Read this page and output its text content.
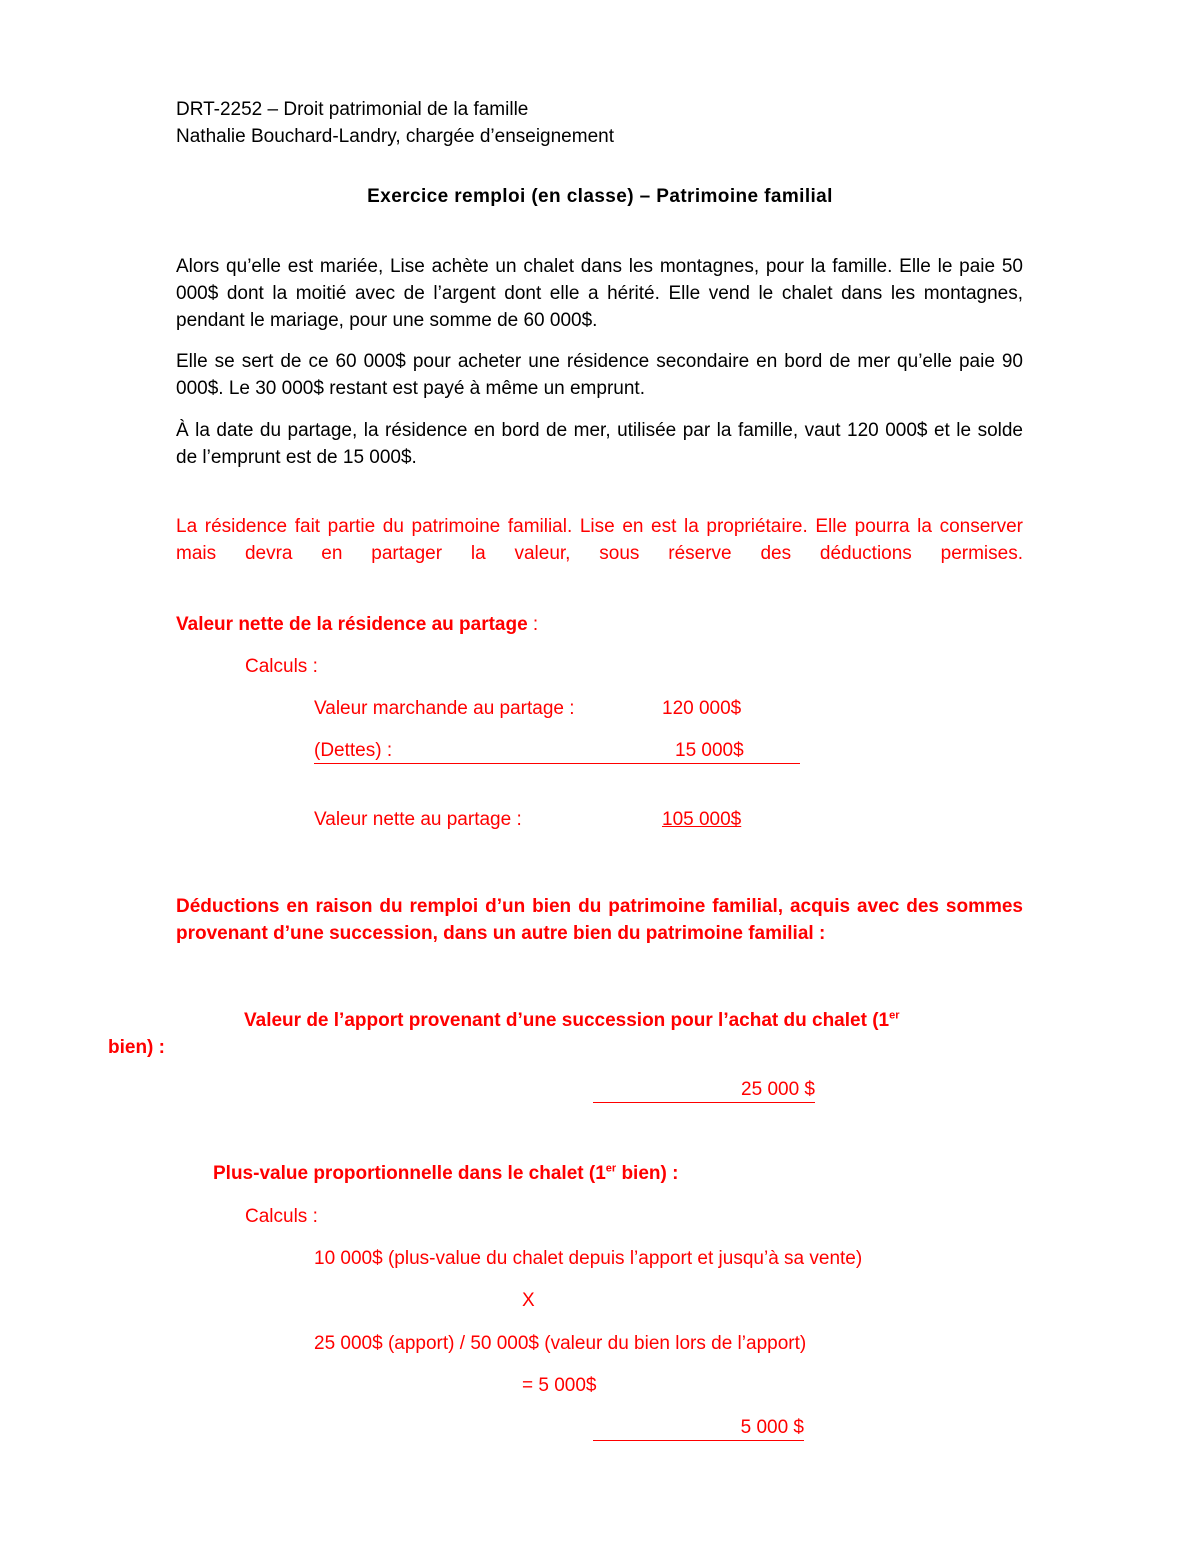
DRT-2252 – Droit patrimonial de la famille
Nathalie Bouchard-Landry, chargée d’enseignement
Exercice remploi (en classe) – Patrimoine familial
Alors qu’elle est mariée, Lise achète un chalet dans les montagnes, pour la famille. Elle le paie 50 000$ dont la moitié avec de l’argent dont elle a hérité. Elle vend le chalet dans les montagnes, pendant le mariage, pour une somme de 60 000$.
Elle se sert de ce 60 000$ pour acheter une résidence secondaire en bord de mer qu’elle paie 90 000$. Le 30 000$ restant est payé à même un emprunt.
À la date du partage, la résidence en bord de mer, utilisée par la famille, vaut 120 000$ et le solde de l’emprunt est de 15 000$.
La résidence fait partie du patrimoine familial. Lise en est la propriétaire. Elle pourra la conserver mais devra en partager la valeur, sous réserve des déductions permises.
Valeur nette de la résidence au partage :
Calculs :
Valeur marchande au partage :	120 000$
(Dettes) :	15 000$
Valeur nette au partage :	105 000$
Déductions en raison du remploi d’un bien du patrimoine familial, acquis avec des sommes provenant d’une succession, dans un autre bien du patrimoine familial :
Valeur de l’apport provenant d’une succession pour l’achat du chalet (1er
bien) :
25 000 $
Plus-value proportionnelle dans le chalet (1er bien) :
Calculs :
10 000$ (plus-value du chalet depuis l’apport et jusqu’à sa vente)
X
25 000$ (apport) / 50 000$ (valeur du bien lors de l’apport)
= 5 000$
5 000 $
